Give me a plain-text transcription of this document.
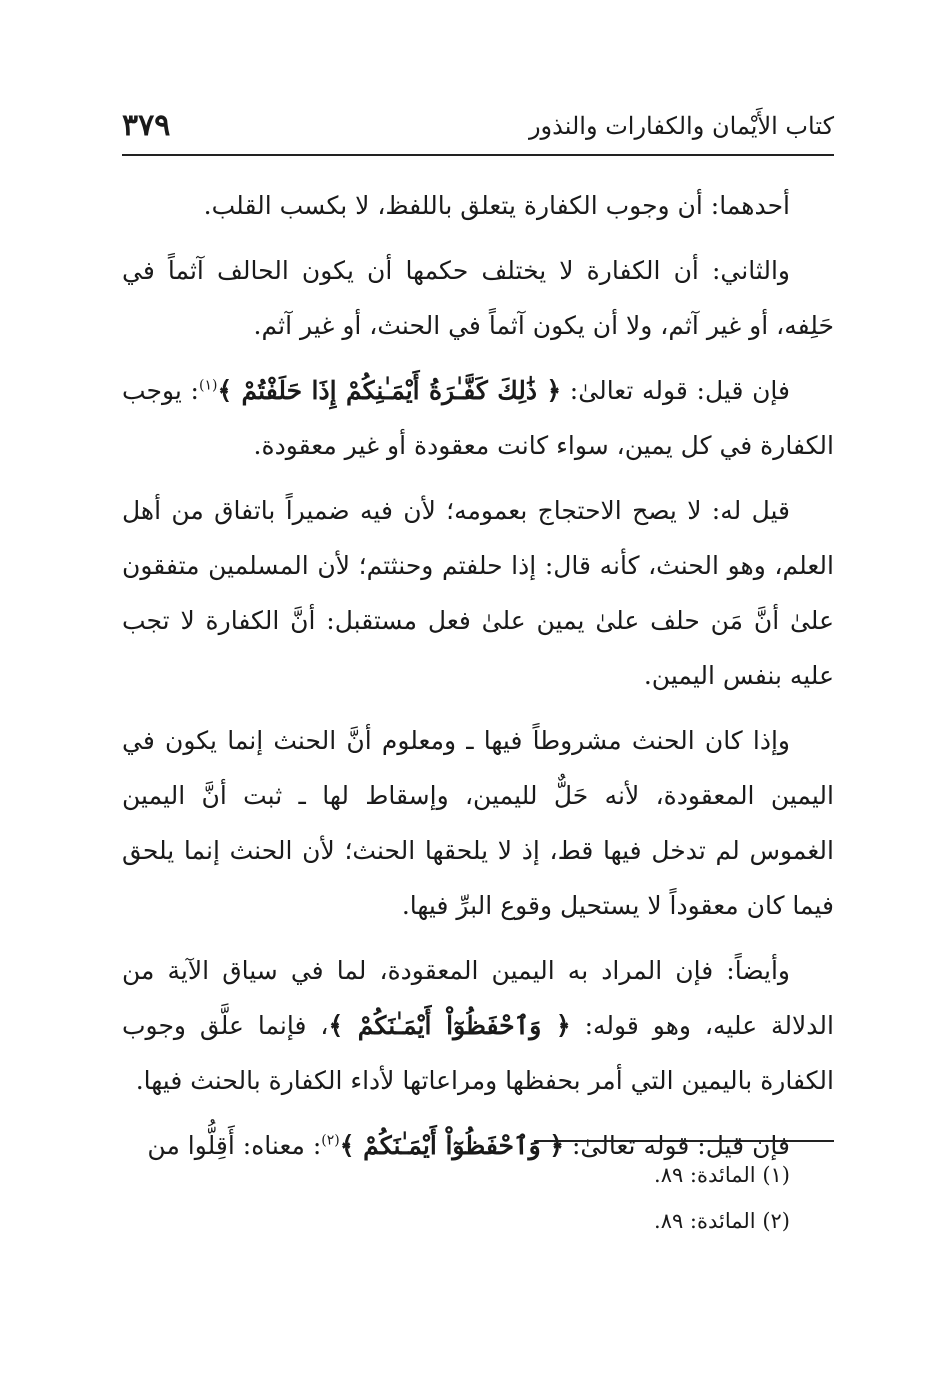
كتاب الأَيْمان والكفارات والنذور
٣٧٩

أحدهما: أن وجوب الكفارة يتعلق باللفظ، لا بكسب القلب.

والثاني: أن الكفارة لا يختلف حكمها أن يكون الحالف آثماً في حَلِفه، أو غير آثم، ولا أن يكون آثماً في الحنث، أو غير آثم.

فإن قيل: قوله تعالىٰ: ﴿ ذَٰلِكَ كَفَّـٰرَةُ أَيْمَـٰنِكُمْ إِذَا حَلَفْتُمْ ﴾$^{(١)}$: يوجب الكفارة في كل يمين، سواء كانت معقودة أو غير معقودة.

قيل له: لا يصح الاحتجاج بعمومه؛ لأن فيه ضميراً باتفاق من أهل العلم، وهو الحنث، كأنه قال: إذا حلفتم وحنثتم؛ لأن المسلمين متفقون علىٰ أنَّ مَن حلف علىٰ يمين علىٰ فعل مستقبل: أنَّ الكفارة لا تجب عليه بنفس اليمين.

وإذا كان الحنث مشروطاً فيها ـ ومعلوم أنَّ الحنث إنما يكون في اليمين المعقودة، لأنه حَلٌّ لليمين، وإسقاط لها ـ ثبت أنَّ اليمين الغموس لم تدخل فيها قط، إذ لا يلحقها الحنث؛ لأن الحنث إنما يلحق فيما كان معقوداً لا يستحيل وقوع البرِّ فيها.

وأيضاً: فإن المراد به اليمين المعقودة، لما في سياق الآية من الدلالة عليه، وهو قوله: ﴿ وَٱحْفَظُوٓاْ أَيْمَـٰنَكُمْ ﴾، فإنما علَّق وجوب الكفارة باليمين التي أمر بحفظها ومراعاتها لأداء الكفارة بالحنث فيها.

فإن قيل: قوله تعالىٰ: ﴿ وَٱحْفَظُوٓاْ أَيْمَـٰنَكُمْ ﴾$^{(٢)}$: معناه: أَقِلُّوا من

(١) المائدة: ٨٩.

(٢) المائدة: ٨٩.
